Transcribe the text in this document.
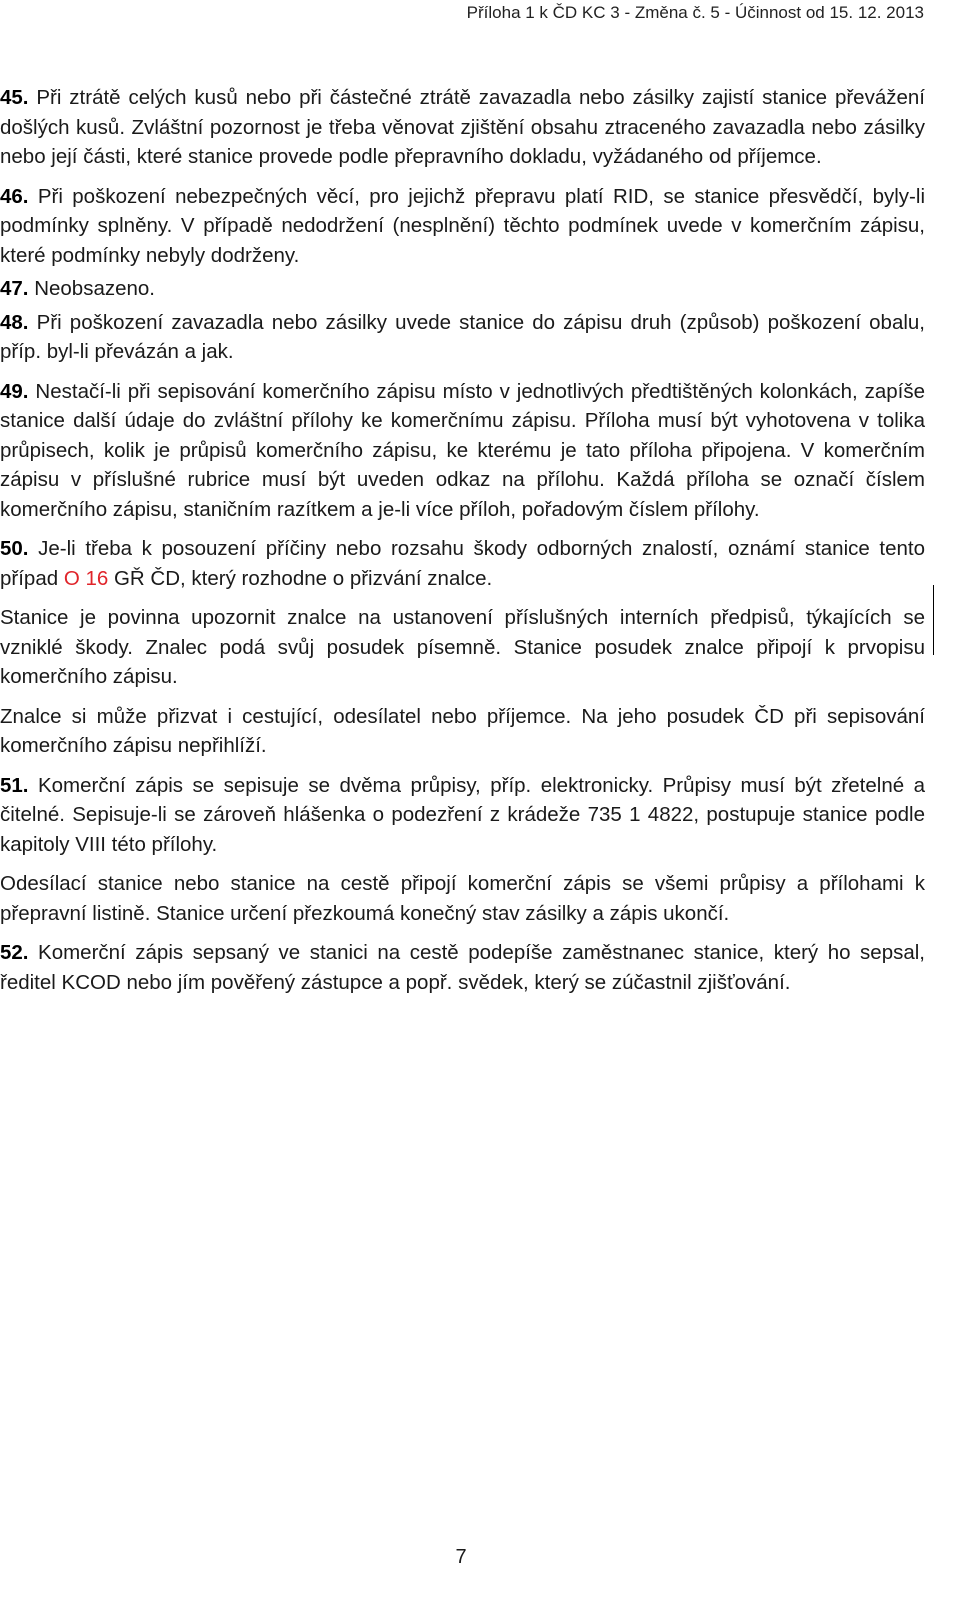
Příloha 1 k ČD KC 3 - Změna č. 5 - Účinnost od 15. 12. 2013

45. Při ztrátě celých kusů nebo při částečné ztrátě zavazadla nebo zásilky zajistí stanice převážení došlých kusů. Zvláštní pozornost je třeba věnovat zjištění obsahu ztraceného zavazadla nebo zásilky nebo její části, které stanice provede podle přepravního dokladu, vyžádaného od příjemce.

46. Při poškození nebezpečných věcí, pro jejichž přepravu platí RID, se stanice přesvědčí, byly-li podmínky splněny. V případě nedodržení (nesplnění) těchto podmínek uvede v komerčním zápisu, které podmínky nebyly dodrženy.

47. Neobsazeno.

48. Při poškození zavazadla nebo zásilky uvede stanice do zápisu druh (způsob) poškození obalu, příp. byl-li převázán a jak.

49. Nestačí-li při sepisování komerčního zápisu místo v jednotlivých předtištěných kolonkách, zapíše stanice další údaje do zvláštní přílohy ke komerčnímu zápisu. Příloha musí být vyhotovena v tolika průpisech, kolik je průpisů komerčního zápisu, ke kterému je tato příloha připojena. V komerčním zápisu v příslušné rubrice musí být uveden odkaz na přílohu. Každá příloha se označí číslem komerčního zápisu, staničním razítkem a je-li více příloh, pořadovým číslem přílohy.

50. Je-li třeba k posouzení příčiny nebo rozsahu škody odborných znalostí, oznámí stanice tento případ O 16 GŘ ČD, který rozhodne o přizvání znalce.

Stanice je povinna upozornit znalce na ustanovení příslušných interních předpisů, týkajících se vzniklé škody. Znalec podá svůj posudek písemně. Stanice posudek znalce připojí k prvopisu komerčního zápisu.

Znalce si může přizvat i cestující, odesílatel nebo příjemce. Na jeho posudek ČD při sepisování komerčního zápisu nepřihlíží.

51. Komerční zápis se sepisuje se dvěma průpisy, příp. elektronicky. Průpisy musí být zřetelné a čitelné. Sepisuje-li se zároveň hlášenka o podezření z krádeže 735 1 4822, postupuje stanice podle kapitoly VIII této přílohy.

Odesílací stanice nebo stanice na cestě připojí komerční zápis se všemi průpisy a přílohami k přepravní listině. Stanice určení přezkoumá konečný stav zásilky a zápis ukončí.

52. Komerční zápis sepsaný ve stanici na cestě podepíše zaměstnanec stanice, který ho sepsal, ředitel KCOD nebo jím pověřený zástupce a popř. svědek, který se zúčastnil zjišťování.

7
